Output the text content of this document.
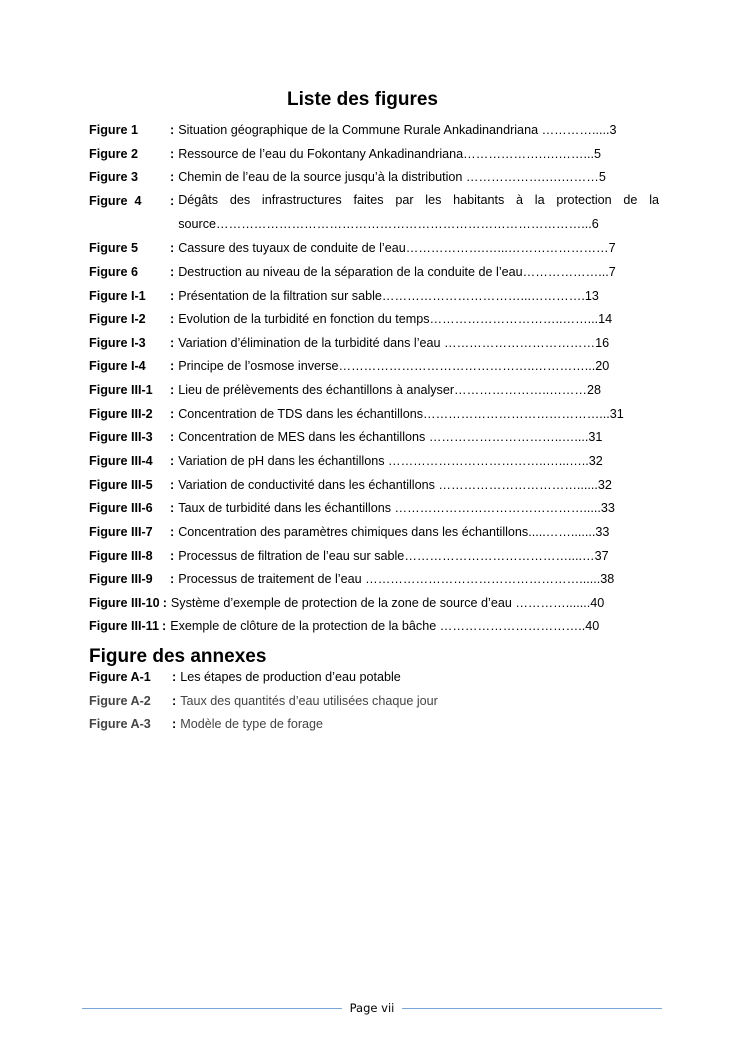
Liste des figures
Figure 1	: Situation géographique de la Commune Rurale Ankadinandriana ………….....3
Figure 2	: Ressource de l’eau du Fokontany Ankadinandriana……………….….……...5
Figure 3	: Chemin de l’eau de la source jusqu’à la distribution ……………….….………5
Figure  4	: Dégâts des infrastructures faites par les habitants à la protection de la source……………………………………………………………………………...6
Figure 5	: Cassure des tuyaux de conduite de l’eau……………….…...……………………7
Figure 6	: Destruction au niveau de la séparation de la conduite de l’eau………………...7
Figure I-1	: Présentation de la filtration sur sable……………………………...………….13
Figure I-2	: Evolution de la turbidité en fonction du temps…………………………..……...14
Figure I-3	: Variation d’élimination de la turbidité dans l’eau ………………………………16
Figure I-4	: Principe de l’osmose inverse………………………………………..…………...20
Figure III-1	: Lieu de prélèvements des échantillons à analyser…………………..………28
Figure III-2	: Concentration de TDS dans les échantillons……………………………………...31
Figure III-3	: Concentration de MES dans les échantillons …………………………..…....31
Figure III-4	: Variation de pH dans les échantillons ………………………………..…...…..32
Figure III-5	: Variation de conductivité dans les échantillons ……………………………......32
Figure III-6	: Taux de turbidité dans les échantillons ……………………………………….....33
Figure III-7	: Concentration des paramètres chimiques dans les échantillons.....…….......33
Figure III-8	: Processus de filtration de l’eau sur sable…………………………………....…37
Figure III-9	: Processus de traitement de l’eau ……………………………………………......38
Figure III-10 : Système d’exemple de protection de la zone de source d’eau ………….......40
Figure III-11 : Exemple de clôture de la protection de la bâche ……………………………..40
Figure des annexes
Figure A-1	: Les étapes de production d’eau potable
Figure A-2	: Taux des quantités d’eau utilisées chaque jour
Figure A-3	: Modèle de type de forage
Page vii
